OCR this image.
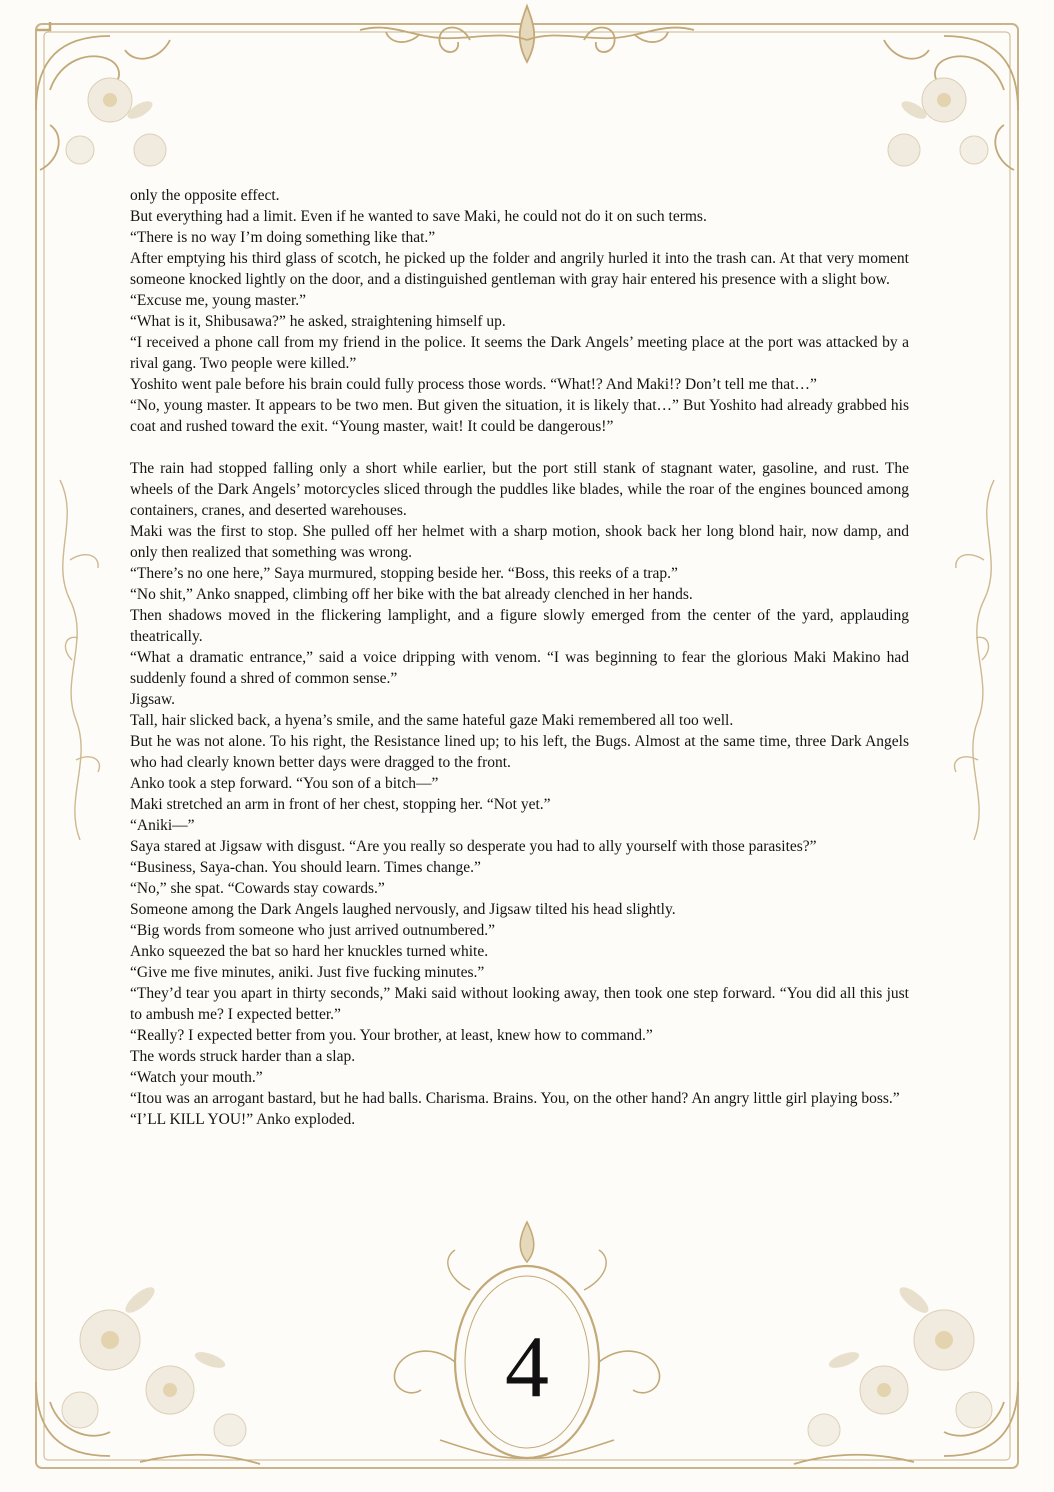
only the opposite effect.

But everything had a limit. Even if he wanted to save Maki, he could not do it on such terms.

“There is no way I’m doing something like that.”

After emptying his third glass of scotch, he picked up the folder and angrily hurled it into the trash can. At that very moment someone knocked lightly on the door, and a distinguished gentleman with gray hair entered his presence with a slight bow.

“Excuse me, young master.”

“What is it, Shibusawa?” he asked, straightening himself up.

“I received a phone call from my friend in the police. It seems the Dark Angels’ meeting place at the port was attacked by a rival gang. Two people were killed.”

Yoshito went pale before his brain could fully process those words. “What!? And Maki!? Don’t tell me that…”

“No, young master. It appears to be two men. But given the situation, it is likely that…” But Yoshito had already grabbed his coat and rushed toward the exit. “Young master, wait! It could be dangerous!”

The rain had stopped falling only a short while earlier, but the port still stank of stagnant water, gasoline, and rust. The wheels of the Dark Angels’ motorcycles sliced through the puddles like blades, while the roar of the engines bounced among containers, cranes, and deserted warehouses.

Maki was the first to stop. She pulled off her helmet with a sharp motion, shook back her long blond hair, now damp, and only then realized that something was wrong.

“There’s no one here,” Saya murmured, stopping beside her. “Boss, this reeks of a trap.”

“No shit,” Anko snapped, climbing off her bike with the bat already clenched in her hands.

Then shadows moved in the flickering lamplight, and a figure slowly emerged from the center of the yard, applauding theatrically.

“What a dramatic entrance,” said a voice dripping with venom. “I was beginning to fear the glorious Maki Makino had suddenly found a shred of common sense.”

Jigsaw.

Tall, hair slicked back, a hyena’s smile, and the same hateful gaze Maki remembered all too well.

But he was not alone. To his right, the Resistance lined up; to his left, the Bugs. Almost at the same time, three Dark Angels who had clearly known better days were dragged to the front.

Anko took a step forward. “You son of a bitch—”

Maki stretched an arm in front of her chest, stopping her. “Not yet.”

“Aniki—”

Saya stared at Jigsaw with disgust. “Are you really so desperate you had to ally yourself with those parasites?”

“Business, Saya-chan. You should learn. Times change.”

“No,” she spat. “Cowards stay cowards.”

Someone among the Dark Angels laughed nervously, and Jigsaw tilted his head slightly.

“Big words from someone who just arrived outnumbered.”

Anko squeezed the bat so hard her knuckles turned white.

“Give me five minutes, aniki. Just five fucking minutes.”

“They’d tear you apart in thirty seconds,” Maki said without looking away, then took one step forward. “You did all this just to ambush me? I expected better.”

“Really? I expected better from you. Your brother, at least, knew how to command.”

The words struck harder than a slap.

“Watch your mouth.”

“Itou was an arrogant bastard, but he had balls. Charisma. Brains. You, on the other hand? An angry little girl playing boss.”

“I’LL KILL YOU!” Anko exploded.

4
